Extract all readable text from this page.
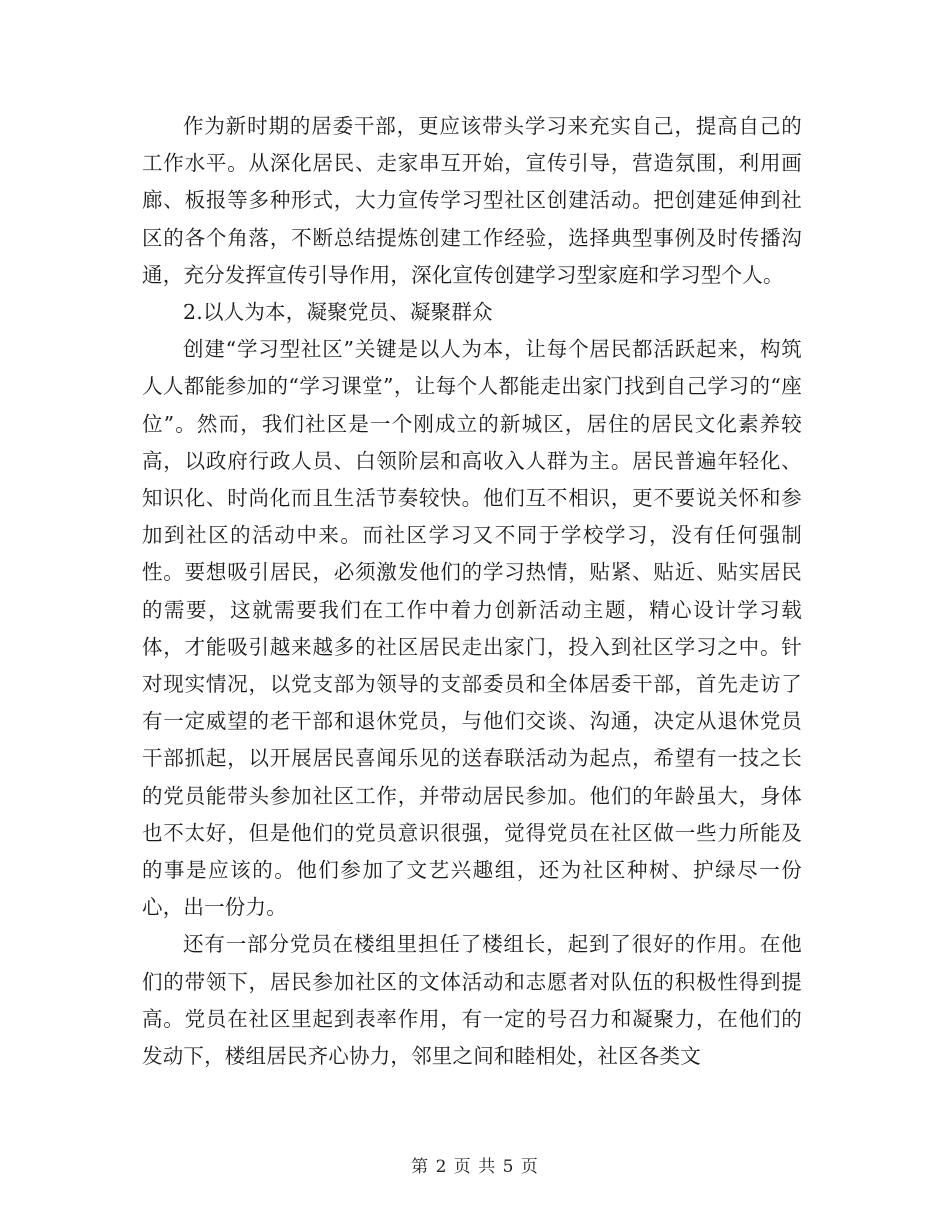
作为新时期的居委干部，更应该带头学习来充实自己，提高自己的工作水平。从深化居民、走家串互开始，宣传引导，营造氛围，利用画廊、板报等多种形式，大力宣传学习型社区创建活动。把创建延伸到社区的各个角落，不断总结提炼创建工作经验，选择典型事例及时传播沟通，充分发挥宣传引导作用，深化宣传创建学习型家庭和学习型个人。

2.以人为本，凝聚党员、凝聚群众

创建“学习型社区”关键是以人为本，让每个居民都活跃起来，构筑人人都能参加的“学习课堂”，让每个人都能走出家门找到自己学习的“座位”。然而，我们社区是一个刚成立的新城区，居住的居民文化素养较高，以政府行政人员、白领阶层和高收入人群为主。居民普遍年轻化、知识化、时尚化而且生活节奏较快。他们互不相识，更不要说关怀和参加到社区的活动中来。而社区学习又不同于学校学习，没有任何强制性。要想吸引居民，必须激发他们的学习热情，贴紧、贴近、贴实居民的需要，这就需要我们在工作中着力创新活动主题，精心设计学习载体，才能吸引越来越多的社区居民走出家门，投入到社区学习之中。针对现实情况，以党支部为领导的支部委员和全体居委干部，首先走访了有一定威望的老干部和退休党员，与他们交谈、沟通，决定从退休党员干部抓起，以开展居民喜闻乐见的送春联活动为起点，希望有一技之长的党员能带头参加社区工作，并带动居民参加。他们的年龄虽大，身体也不太好，但是他们的党员意识很强，觉得党员在社区做一些力所能及的事是应该的。他们参加了文艺兴趣组，还为社区种树、护绿尽一份心，出一份力。

还有一部分党员在楼组里担任了楼组长，起到了很好的作用。在他们的带领下，居民参加社区的文体活动和志愿者对队伍的积极性得到提高。党员在社区里起到表率作用，有一定的号召力和凝聚力，在他们的发动下，楼组居民齐心协力，邻里之间和睦相处，社区各类文

第 2 页 共 5 页
